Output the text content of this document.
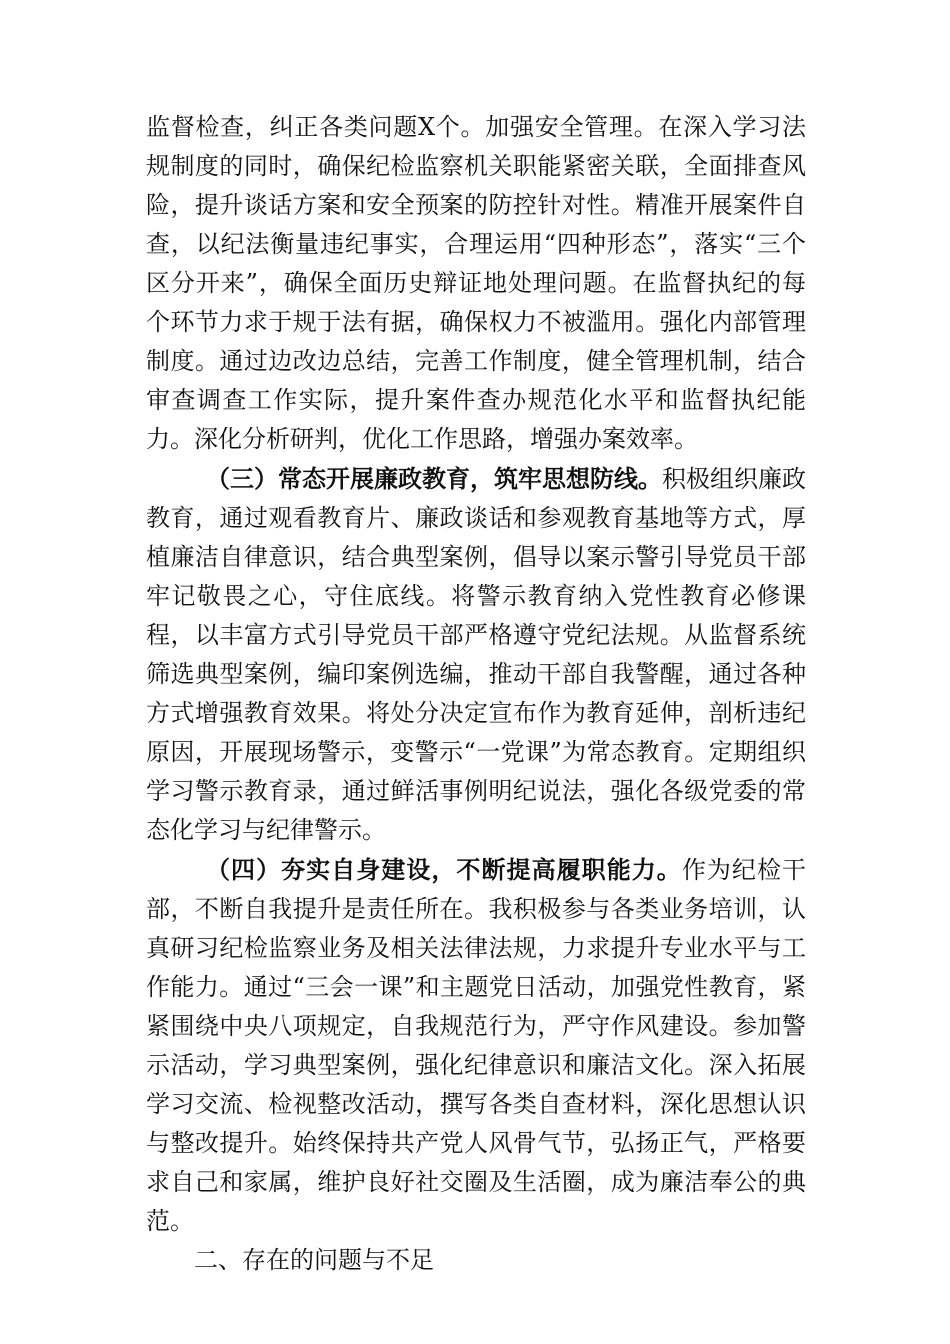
监督检查，纠正各类问题X个。加强安全管理。在深入学习法规制度的同时，确保纪检监察机关职能紧密关联，全面排查风险，提升谈话方案和安全预案的防控针对性。精准开展案件自查，以纪法衡量违纪事实，合理运用“四种形态”，落实“三个区分开来”，确保全面历史辩证地处理问题。在监督执纪的每个环节力求于规于法有据，确保权力不被滥用。强化内部管理制度。通过边改边总结，完善工作制度，健全管理机制，结合审查调查工作实际，提升案件查办规范化水平和监督执纪能力。深化分析研判，优化工作思路，增强办案效率。

（三）常态开展廉政教育，筑牢思想防线。积极组织廉政教育，通过观看教育片、廉政谈话和参观教育基地等方式，厚植廉洁自律意识，结合典型案例，倡导以案示警引导党员干部牢记敬畏之心，守住底线。将警示教育纳入党性教育必修课程，以丰富方式引导党员干部严格遵守党纪法规。从监督系统筛选典型案例，编印案例选编，推动干部自我警醒，通过各种方式增强教育效果。将处分决定宣布作为教育延伸，剖析违纪原因，开展现场警示，变警示“一党课”为常态教育。定期组织学习警示教育录，通过鲜活事例明纪说法，强化各级党委的常态化学习与纪律警示。

（四）夯实自身建设，不断提高履职能力。作为纪检干部，不断自我提升是责任所在。我积极参与各类业务培训，认真研习纪检监察业务及相关法律法规，力求提升专业水平与工作能力。通过“三会一课”和主题党日活动，加强党性教育，紧紧围绕中央八项规定，自我规范行为，严守作风建设。参加警示活动，学习典型案例，强化纪律意识和廉洁文化。深入拓展学习交流、检视整改活动，撰写各类自查材料，深化思想认识与整改提升。始终保持共产党人风骨气节，弘扬正气，严格要求自己和家属，维护良好社交圈及生活圈，成为廉洁奉公的典范。

二、存在的问题与不足
